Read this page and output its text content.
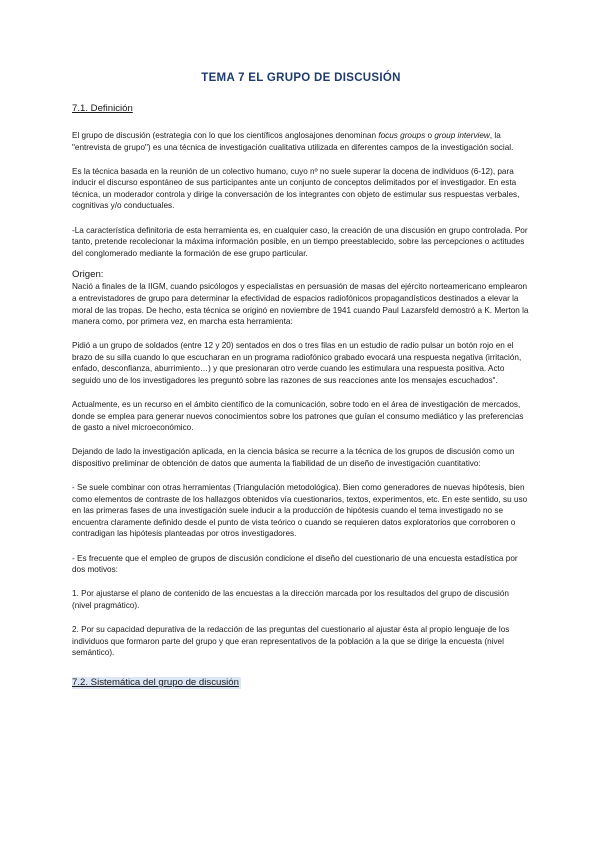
TEMA 7 EL GRUPO DE DISCUSIÓN
7.1. Definición

El grupo de discusión (estrategia con lo que los científicos anglosajones denominan focus groups o group interview, la "entrevista de grupo") es una técnica de investigación cualitativa utilizada en diferentes campos de la investigación social.

Es la técnica basada en la reunión de un colectivo humano, cuyo nº no suele superar la docena de individuos (6-12), para inducir el discurso espontáneo de sus participantes ante un conjunto de conceptos delimitados por el investigador. En esta técnica, un moderador controla y dirige la conversación de los integrantes con objeto de estimular sus respuestas verbales, cognitivas y/o conductuales.

-La característica definitoria de esta herramienta es, en cualquier caso, la creación de una discusión en grupo controlada. Por tanto, pretende recolecionar la máxima información posible, en un tiempo preestablecido, sobre las percepciones o actitudes del conglomerado mediante la formación de ese grupo particular.

Origen:

Nació a finales de la IIGM, cuando psicólogos y especialistas en persuasión de masas del ejército norteamericano emplearon a entrevistadores de grupo para determinar la efectividad de espacios radiofónicos propagandísticos destinados a elevar la moral de las tropas. De hecho, esta técnica se originó en noviembre de 1941 cuando Paul Lazarsfeld demostró a K. Merton la manera como, por primera vez, en marcha esta herramienta:

Pidió a un grupo de soldados (entre 12 y 20) sentados en dos o tres filas en un estudio de radio pulsar un botón rojo en el brazo de su silla cuando lo que escucharan en un programa radiofónico grabado evocará una respuesta negativa (irritación, enfado, desconfianza, aburrimiento…) y que presionaran otro verde cuando les estimulara una respuesta positiva. Acto seguido uno de los investigadores les preguntó sobre las razones de sus reacciones ante los mensajes escuchados".

Actualmente, es un recurso en el ámbito científico de la comunicación, sobre todo en el área de investigación de mercados, donde se emplea para generar nuevos conocimientos sobre los patrones que guían el consumo mediático y las preferencias de gasto a nivel microeconómico.

Dejando de lado la investigación aplicada, en la ciencia básica se recurre a la técnica de los grupos de discusión como un dispositivo preliminar de obtención de datos que aumenta la fiabilidad de un diseño de investigación cuantitativo:

- Se suele combinar con otras herramientas (Triangulación metodológica). Bien como generadores de nuevas hipótesis, bien como elementos de contraste de los hallazgos obtenidos vía cuestionarios, textos, experimentos, etc. En este sentido, su uso en las primeras fases de una investigación suele inducir a la producción de hipótesis cuando el tema investigado no se encuentra claramente definido desde el punto de vista teórico o cuando se requieren datos exploratorios que corroboren o contradigan las hipótesis planteadas por otros investigadores.

- Es frecuente que el empleo de grupos de discusión condicione el diseño del cuestionario de una encuesta estadística por dos motivos:

1. Por ajustarse el plano de contenido de las encuestas a la dirección marcada por los resultados del grupo de discusión (nivel pragmático).

2. Por su capacidad depurativa de la redacción de las preguntas del cuestionario al ajustar ésta al propio lenguaje de los individuos que formaron parte del grupo y que eran representativos de la población a la que se dirige la encuesta (nivel semántico).

7.2. Sistemática del grupo de discusión
